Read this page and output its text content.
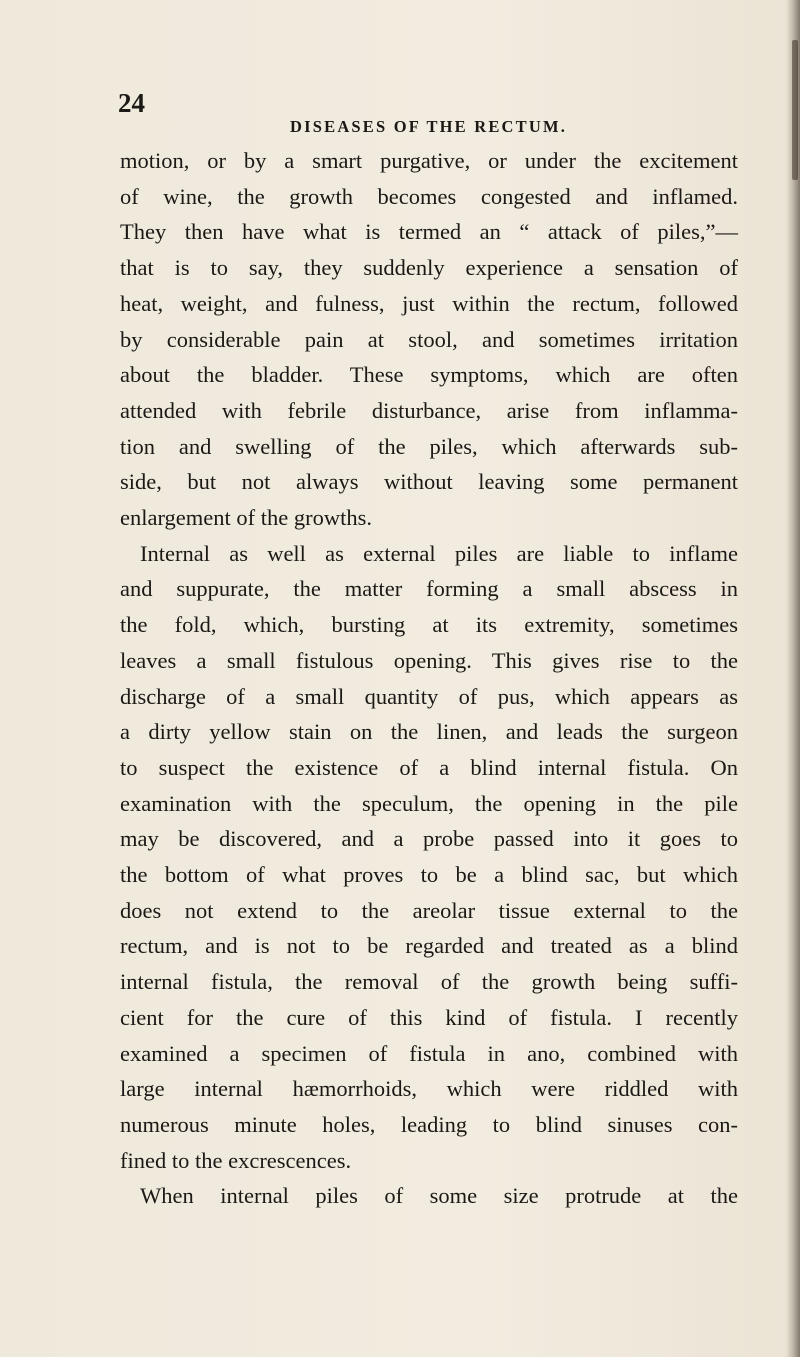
24
DISEASES OF THE RECTUM.
motion, or by a smart purgative, or under the excitement
of wine, the growth becomes congested and inflamed.
They then have what is termed an “ attack of piles,”—
that is to say, they suddenly experience a sensation of
heat, weight, and fulness, just within the rectum, followed
by considerable pain at stool, and sometimes irritation
about the bladder. These symptoms, which are often
attended with febrile disturbance, arise from inflamma-
tion and swelling of the piles, which afterwards sub-
side, but not always without leaving some permanent
enlargement of the growths.
Internal as well as external piles are liable to inflame
and suppurate, the matter forming a small abscess in
the fold, which, bursting at its extremity, sometimes
leaves a small fistulous opening. This gives rise to the
discharge of a small quantity of pus, which appears as
a dirty yellow stain on the linen, and leads the surgeon
to suspect the existence of a blind internal fistula. On
examination with the speculum, the opening in the pile
may be discovered, and a probe passed into it goes to
the bottom of what proves to be a blind sac, but which
does not extend to the areolar tissue external to the
rectum, and is not to be regarded and treated as a blind
internal fistula, the removal of the growth being suffi-
cient for the cure of this kind of fistula. I recently
examined a specimen of fistula in ano, combined with
large internal hæmorrhoids, which were riddled with
numerous minute holes, leading to blind sinuses con-
fined to the excrescences.
When internal piles of some size protrude at the
